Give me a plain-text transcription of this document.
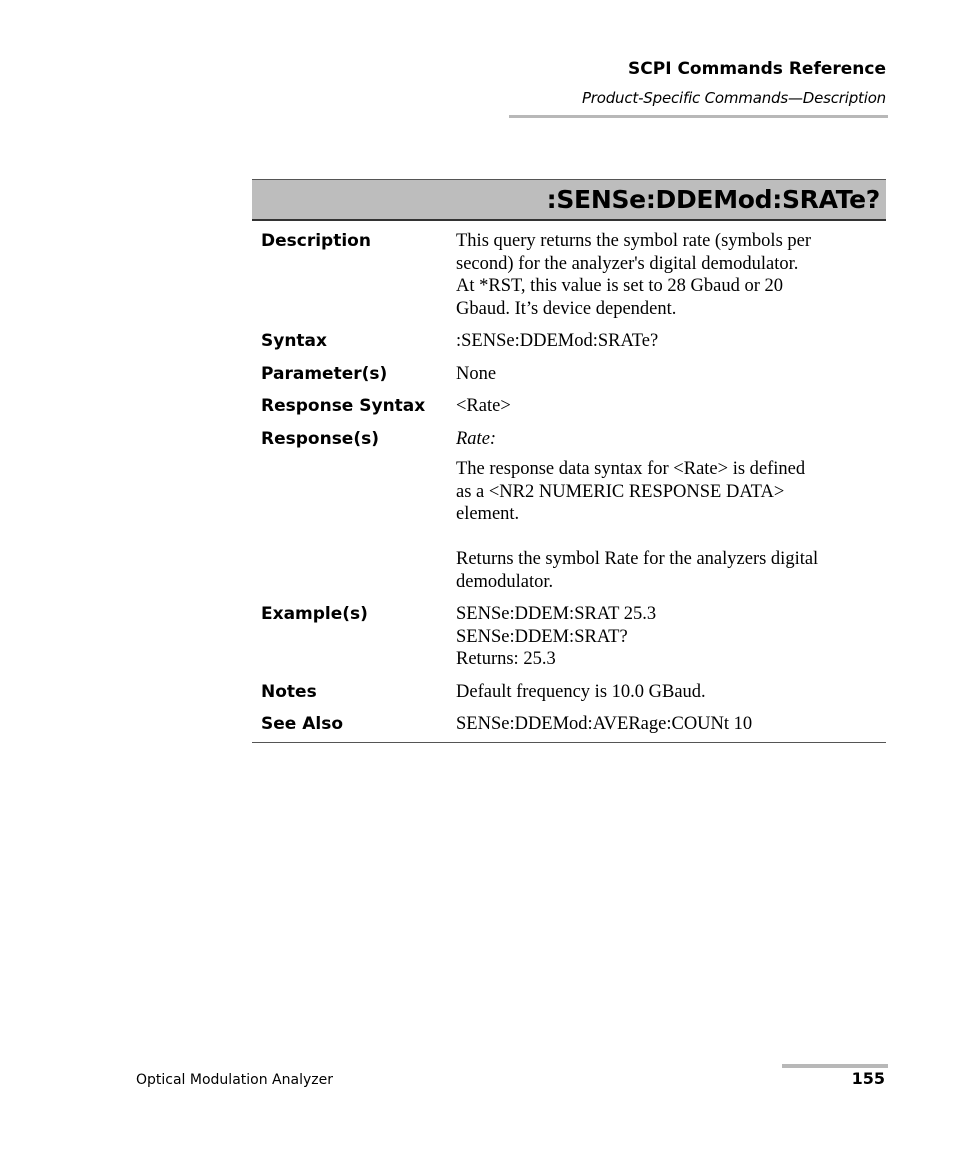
SCPI Commands Reference
Product-Specific Commands—Description
:SENSe:DDEMod:SRATe?
Description	This query returns the symbol rate (symbols per

second) for the analyzer's digital demodulator.

At *RST, this value is set to 28 Gbaud or 20

Gbaud. It’s device dependent.

Syntax	:SENSe:DDEMod:SRATe?
Parameter(s)	None
Response Syntax	<Rate>
Response(s)	Rate:

The response data syntax for <Rate> is defined

as a <NR2 NUMERIC RESPONSE DATA>

element.

Returns the symbol Rate for the analyzers digital

demodulator.

Example(s)	SENSe:DDEM:SRAT 25.3

SENSe:DDEM:SRAT?

Returns: 25.3

Notes	Default frequency is 10.0 GBaud.
See Also	SENSe:DDEMod:AVERage:COUNt 10
Optical Modulation Analyzer	155
